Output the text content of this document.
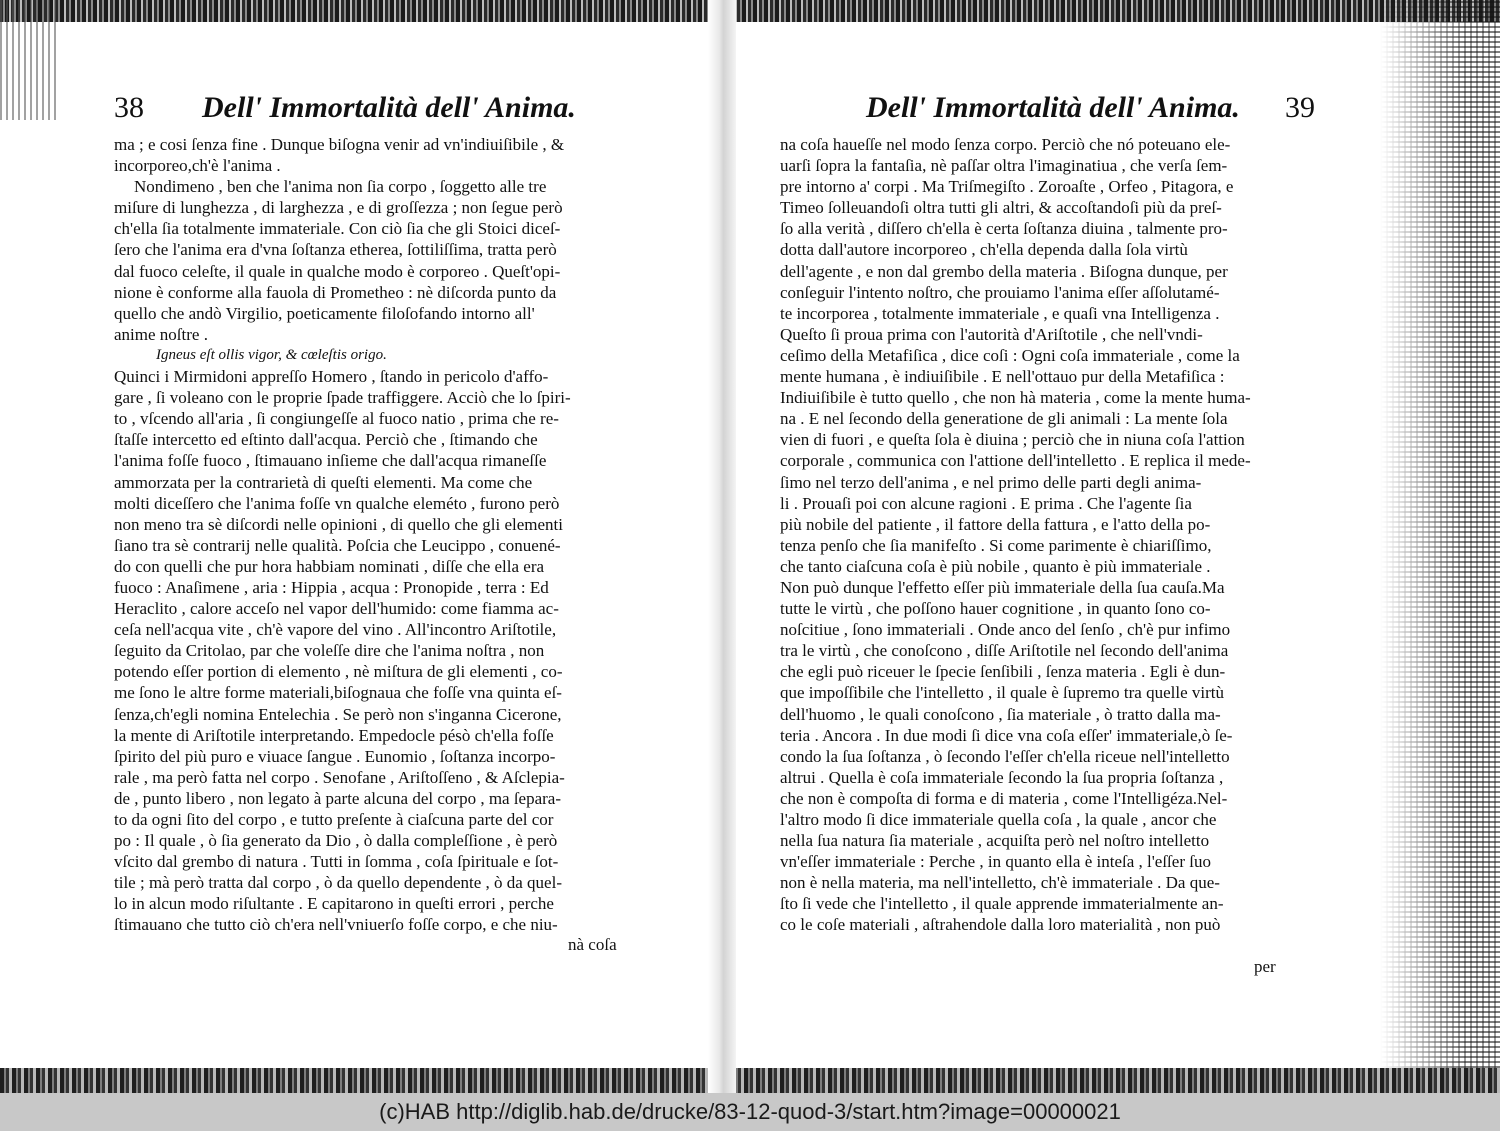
38 Dell' Immortalità dell' Anima.
ma ; e cosi ſenza fine . Dunque biſogna venir ad vn'indiuiſibile , &
incorporeo,ch'è l'anima .
Nondimeno , ben che l'anima non ſia corpo , ſoggetto alle tre
miſure di lunghezza , di larghezza , e di groſſezza ; non ſegue però
ch'ella ſia totalmente immateriale. Con ciò ſia che gli Stoici diceſ-
ſero che l'anima era d'vna ſoſtanza etherea, ſottiliſſima, tratta però
dal fuoco celeſte, il quale in qualche modo è corporeo . Queſt'opi-
nione è conforme alla fauola di Prometheo : nè diſcorda punto da
quello che andò Virgilio, poeticamente filoſofando intorno all'
anime noſtre .
Igneus eſt ollis vigor, & cœleſtis origo.
Quinci i Mirmidoni appreſſo Homero , ſtando in pericolo d'affo-
gare , ſi voleano con le proprie ſpade traffiggere. Acciò che lo ſpiri-
to , vſcendo all'aria , ſi congiungeſſe al fuoco natio , prima che re-
ſtaſſe intercetto ed eſtinto dall'acqua. Perciò che , ſtimando che
l'anima foſſe fuoco , ſtimauano inſieme che dall'acqua rimaneſſe
ammorzata per la contrarietà di queſti elementi. Ma come che
molti diceſſero che l'anima foſſe vn qualche eleméto , furono però
non meno tra sè diſcordi nelle opinioni , di quello che gli elementi
ſiano tra sè contrarij nelle qualità. Poſcia che Leucippo , conuené-
do con quelli che pur hora habbiam nominati , diſſe che ella era
fuoco : Anaſimene , aria : Hippia , acqua : Pronopide , terra : Ed
Heraclito , calore acceſo nel vapor dell'humido: come fiamma ac-
ceſa nell'acqua vite , ch'è vapore del vino . All'incontro Ariſtotile,
ſeguito da Critolao, par che voleſſe dire che l'anima noſtra , non
potendo eſſer portion di elemento , nè miſtura de gli elementi , co-
me ſono le altre forme materiali,biſognaua che foſſe vna quinta eſ-
ſenza,ch'egli nomina Entelechia . Se però non s'inganna Cicerone,
la mente di Ariſtotile interpretando. Empedocle pésò ch'ella foſſe
ſpirito del più puro e viuace ſangue . Eunomio , ſoſtanza incorpo-
rale , ma però fatta nel corpo . Senofane , Ariſtoſſeno , & Aſclepia-
de , punto libero , non legato à parte alcuna del corpo , ma ſepara-
to da ogni ſito del corpo , e tutto preſente à ciaſcuna parte del cor
po : Il quale , ò ſia generato da Dio , ò dalla compleſſione , è però
vſcito dal grembo di natura . Tutti in ſomma , coſa ſpirituale e ſot-
tile ; mà però tratta dal corpo , ò da quello dependente , ò da quel-
lo in alcun modo riſultante . E capitarono in queſti errori , perche
ſtimauano che tutto ciò ch'era nell'vniuerſo foſſe corpo, e che niu-
nà coſa
Dell' Immortalità dell' Anima. 39
na coſa haueſſe nel modo ſenza corpo. Perciò che nó poteuano ele-
uarſi ſopra la fantaſia, nè paſſar oltra l'imaginatiua , che verſa ſem-
pre intorno a' corpi . Ma Triſmegiſto . Zoroaſte , Orfeo , Pitagora, e
Timeo ſolleuandoſi oltra tutti gli altri, & accoſtandoſi più da preſ-
ſo alla verità , diſſero ch'ella è certa ſoſtanza diuina , talmente pro-
dotta dall'autore incorporeo , ch'ella dependa dalla ſola virtù
dell'agente , e non dal grembo della materia . Biſogna dunque, per
conſeguir l'intento noſtro, che prouiamo l'anima eſſer aſſolutamé-
te incorporea , totalmente immateriale , e quaſi vna Intelligenza .
Queſto ſi proua prima con l'autorità d'Ariſtotile , che nell'vndi-
ceſimo della Metafiſica , dice coſi : Ogni coſa immateriale , come la
mente humana , è indiuiſibile . E nell'ottauo pur della Metafiſica :
Indiuiſibile è tutto quello , che non hà materia , come la mente huma-
na . E nel ſecondo della generatione de gli animali : La mente ſola
vien di fuori , e queſta ſola è diuina ; perciò che in niuna coſa l'attion
corporale , communica con l'attione dell'intelletto . E replica il mede-
ſimo nel terzo dell'anima , e nel primo delle parti degli anima-
li . Prouaſi poi con alcune ragioni . E prima . Che l'agente ſia
più nobile del patiente , il fattore della fattura , e l'atto della po-
tenza penſo che ſia manifeſto . Si come parimente è chiariſſimo,
che tanto ciaſcuna coſa è più nobile , quanto è più immateriale .
Non può dunque l'effetto eſſer più immateriale della ſua cauſa.Ma
tutte le virtù , che poſſono hauer cognitione , in quanto ſono co-
noſcitiue , ſono immateriali . Onde anco del ſenſo , ch'è pur infimo
tra le virtù , che conoſcono , diſſe Ariſtotile nel ſecondo dell'anima
che egli può riceuer le ſpecie ſenſibili , ſenza materia . Egli è dun-
que impoſſibile che l'intelletto , il quale è ſupremo tra quelle virtù
dell'huomo , le quali conoſcono , ſia materiale , ò tratto dalla ma-
teria . Ancora . In due modi ſi dice vna coſa eſſer' immateriale,ò ſe-
condo la ſua ſoſtanza , ò ſecondo l'eſſer ch'ella riceue nell'intelletto
altrui . Quella è coſa immateriale ſecondo la ſua propria ſoſtanza ,
che non è compoſta di forma e di materia , come l'Intelligéza.Nel-
l'altro modo ſi dice immateriale quella coſa , la quale , ancor che
nella ſua natura ſia materiale , acquiſta però nel noſtro intelletto
vn'eſſer immateriale : Perche , in quanto ella è inteſa , l'eſſer ſuo
non è nella materia, ma nell'intelletto, ch'è immateriale . Da que-
ſto ſi vede che l'intelletto , il quale apprende immaterialmente an-
co le coſe materiali , aſtrahendole dalla loro materialità , non può
per
(c)HAB http://diglib.hab.de/drucke/83-12-quod-3/start.htm?image=00000021
